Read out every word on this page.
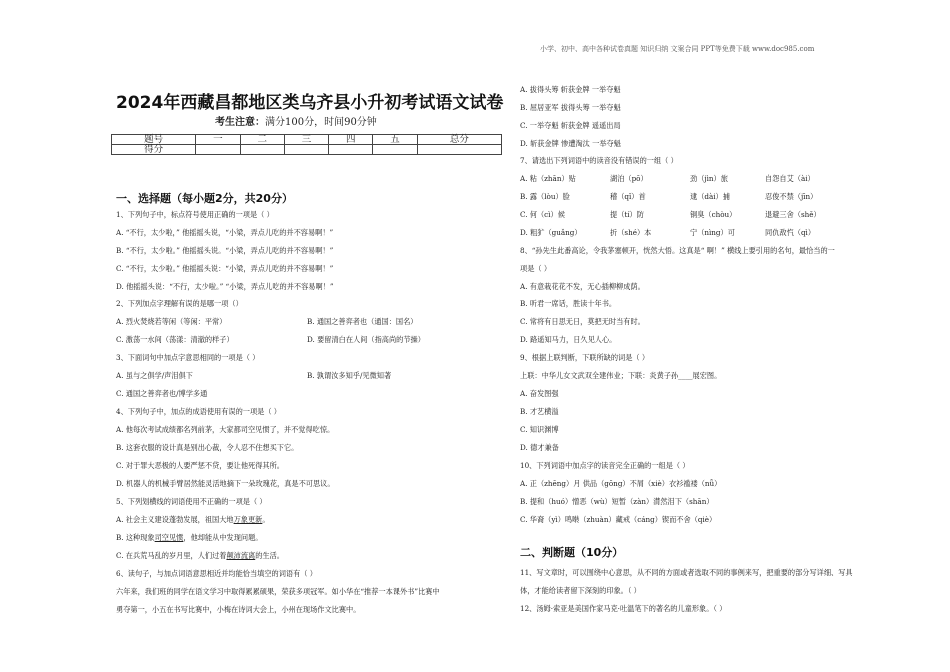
小学、初中、高中各种试卷真题 知识归纳 文案合同 PPT等免费下载 www.doc985.com
2024年西藏昌都地区类乌齐县小升初考试语文试卷
考生注意：满分100分，时间90分钟
题号	一	二	三	四	五	总分
得分						
一、选择题（每小题2分，共20分）
1、下列句子中，标点符号使用正确的一项是（ ）
A. “不行，太少啦，” 他摇摇头说，“小梁，弄点儿吃的并不容易啊！”
B. “不行，太少啦。” 他摇摇头说。“小梁，弄点儿吃的并不容易啊！”
C. “不行，太少啦。” 他摇摇头说：“小梁，弄点儿吃的并不容易啊！”
D. 他摇摇头说：“不行，太少啦。” “小梁，弄点儿吃的并不容易啊！”
2、下列加点字理解有误的是哪一项（）
A. 烈火焚烧若等闲（等闲：平常）	B. 通国之善弈者也（通国：国名）
C. 激荡一水间（荡漾：清澈的样子）	D. 要留清白在人间（指高尚的节操）
3、下面词句中加点字意思相同的一项是（ ）
A. 虽与之俱学/声泪俱下	B. 孰谓汝多知乎/见微知著
C. 通国之善弈者也/博学多通
4、下列句子中，加点的成语使用有误的一项是（ ）
A. 他每次考试成绩都名列前茅，大家都司空见惯了，并不觉得吃惊。
B. 这套衣服的设计真是别出心裁，令人忍不住想买下它。
C. 对于罪大恶极的人要严惩不贷，要让他死得其所。
D. 机器人的机械手臂居然能灵活地摘下一朵玫瑰花，真是不可思议。
5、下列划横线的词语使用不正确的一项是（ ）
A. 社会主义建设蓬勃发展，祖国大地万象更新。
B. 这种现象司空见惯，他却能从中发现问题。
C. 在兵荒马乱的岁月里，人们过着颠沛流离的生活。
6、读句子，与加点词语意思相近并均能恰当填空的词语有（ ）
六年来，我们班的同学在语文学习中取得累累硕果，荣获多项冠军。如小华在“推荐一本课外书”比赛中
勇夺第一，小五在书写比赛中，小梅在诗词大会上，小州在现场作文比赛中。
A. 拔得头筹 斩获金牌 一举夺魁
B. 屈居亚军 拔得头筹 一举夺魁
C. 一举夺魁 斩获金牌 遥遥出局
D. 斩获金牌 惨遭淘汰 一举夺魁
7、请选出下列词语中的读音没有错误的一组（ ）
A. 粘（zhān）贴	湖泊（pō）	劲（jìn）旅	自怨自艾（ài）
B. 露（lòu）脸	稽（qǐ）首	逮（dài）捕	忍俊不禁（jīn）
C. 何（cì）候	提（tí）防	铜臭（chòu）	退避三舍（shě）
D. 粗犷（guǎng）	折（shé）本	宁（nìng）可	同仇敌忾（qì）
8、“孙先生此番高论，令我茅塞顿开，恍然大悟。这真是“ 啊！” 横线上要引用的名句，最恰当的一
项是（ ）
A. 有意栽花花不发，无心插柳柳成荫。
B. 听君一席话，胜读十年书。
C. 常将有日思无日，莫把无时当有时。
D. 路遥知马力，日久见人心。
9、根据上联判断，下联所缺的词是（ ）
上联：中华儿女文武双全建伟业；下联：炎黄子孙____展宏图。
A. 奋发图强
B. 才艺横溢
C. 知识渊博
D. 德才兼备
10、下列词语中加点字的读音完全正确的一组是（ ）
A. 正（zhēng）月 供品（gōng）不屑（xiè）衣衫褴褛（nǚ）
B. 提和（huó）憎恶（wù）短暂（zàn）潸然泪下（shān）
C. 华裔（yì）鸣啭（zhuàn）藏戒（cáng）锲而不舍（qiè）
二、判断题（10分）
11、写文章时，可以围绕中心意思，从不同的方面或者选取不同的事例来写，把重要的部分写详细、写具
体，才能给读者留下深刻的印象。（ ）
12、汤姆·索亚是美国作家马克·吐温笔下的著名的儿童形象。（ ）
